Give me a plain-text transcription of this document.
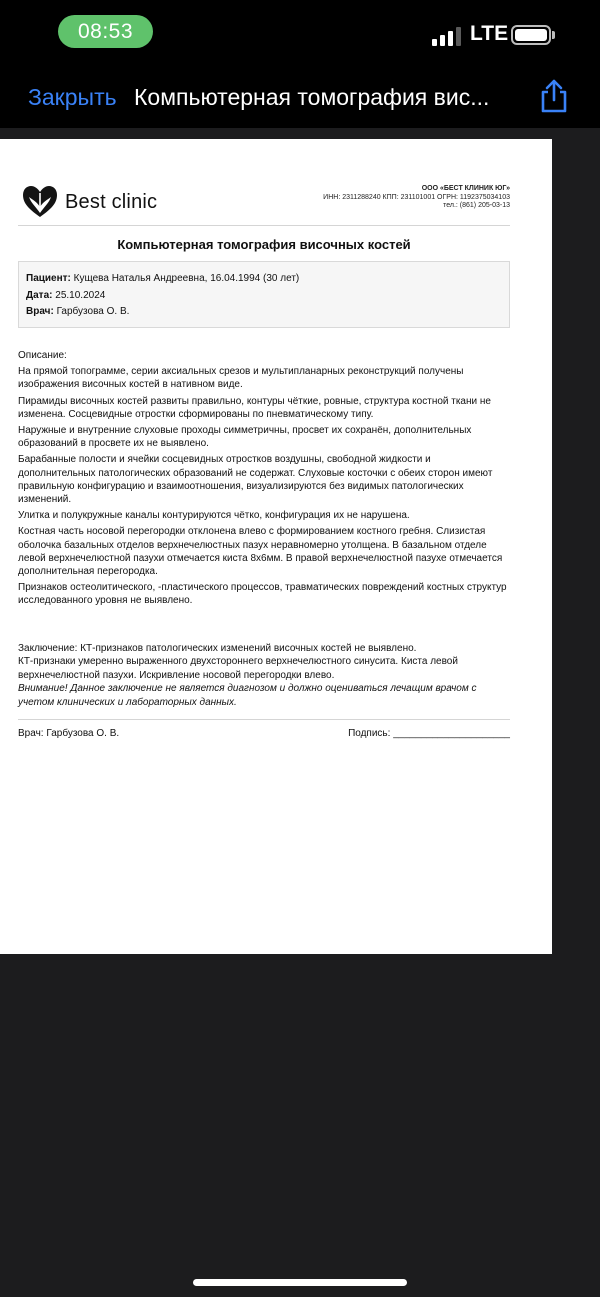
08:53	LTE
Закрыть Компьютерная томография вис...
Best clinic
ООО «БЕСТ КЛИНИК ЮГ»
ИНН: 2311288240 КПП: 231101001 ОГРН: 1192375034103
тел.: (861) 205-03-13
Компьютерная томография височных костей
Пациент: Кущева Наталья Андреевна, 16.04.1994 (30 лет)
Дата: 25.10.2024
Врач: Гарбузова О. В.

Описание:

На прямой топограмме, серии аксиальных срезов и мультипланарных реконструкций получены изображения височных костей в нативном виде.

Пирамиды височных костей развиты правильно, контуры чёткие, ровные, структура костной ткани не изменена. Сосцевидные отростки сформированы по пневматическому типу.

Наружные и внутренние слуховые проходы симметричны, просвет их сохранён, дополнительных образований в просвете их не выявлено.

Барабанные полости и ячейки сосцевидных отростков воздушны, свободной жидкости и дополнительных патологических образований не содержат. Слуховые косточки с обеих сторон имеют правильную конфигурацию и взаимоотношения, визуализируются без видимых патологических изменений.

Улитка и полукружные каналы контурируются чётко, конфигурация их не нарушена.

Костная часть носовой перегородки отклонена влево с формированием костного гребня. Слизистая оболочка базальных отделов верхнечелюстных пазух неравномерно утолщена. В базальном отделе левой верхнечелюстной пазухи отмечается киста 8х6мм. В правой верхнечелюстной пазухе отмечается дополнительная перегородка.

Признаков остеолитического, -пластического процессов, травматических повреждений костных структур исследованного уровня не выявлено.

Заключение: КТ-признаков патологических изменений височных костей не выявлено.

КТ-признаки умеренно выраженного двухстороннего верхнечелюстного синусита. Киста левой верхнечелюстной пазухи. Искривление носовой перегородки влево.

Внимание! Данное заключение не является диагнозом и должно оцениваться лечащим врачом с учетом клинических и лабораторных данных.

Врач: Гарбузова О. В.	Подпись: _____________________
